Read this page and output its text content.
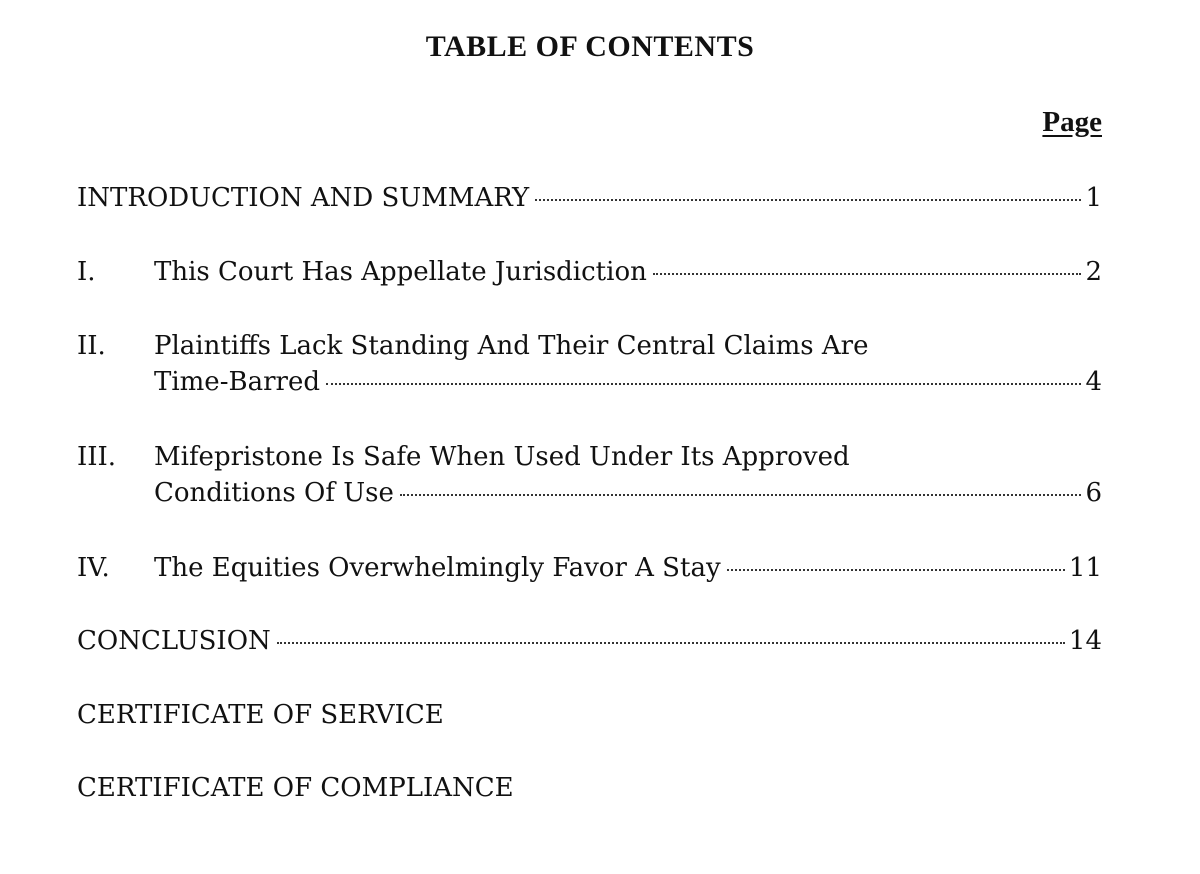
TABLE OF CONTENTS
Page
INTRODUCTION AND SUMMARY	1
I.	This Court Has Appellate Jurisdiction	2
II.	Plaintiffs Lack Standing And Their Central Claims Are
Time-Barred	4
III.	Mifepristone Is Safe When Used Under Its Approved
Conditions Of Use	6
IV.	The Equities Overwhelmingly Favor A Stay	11
CONCLUSION	14
CERTIFICATE OF SERVICE
CERTIFICATE OF COMPLIANCE
